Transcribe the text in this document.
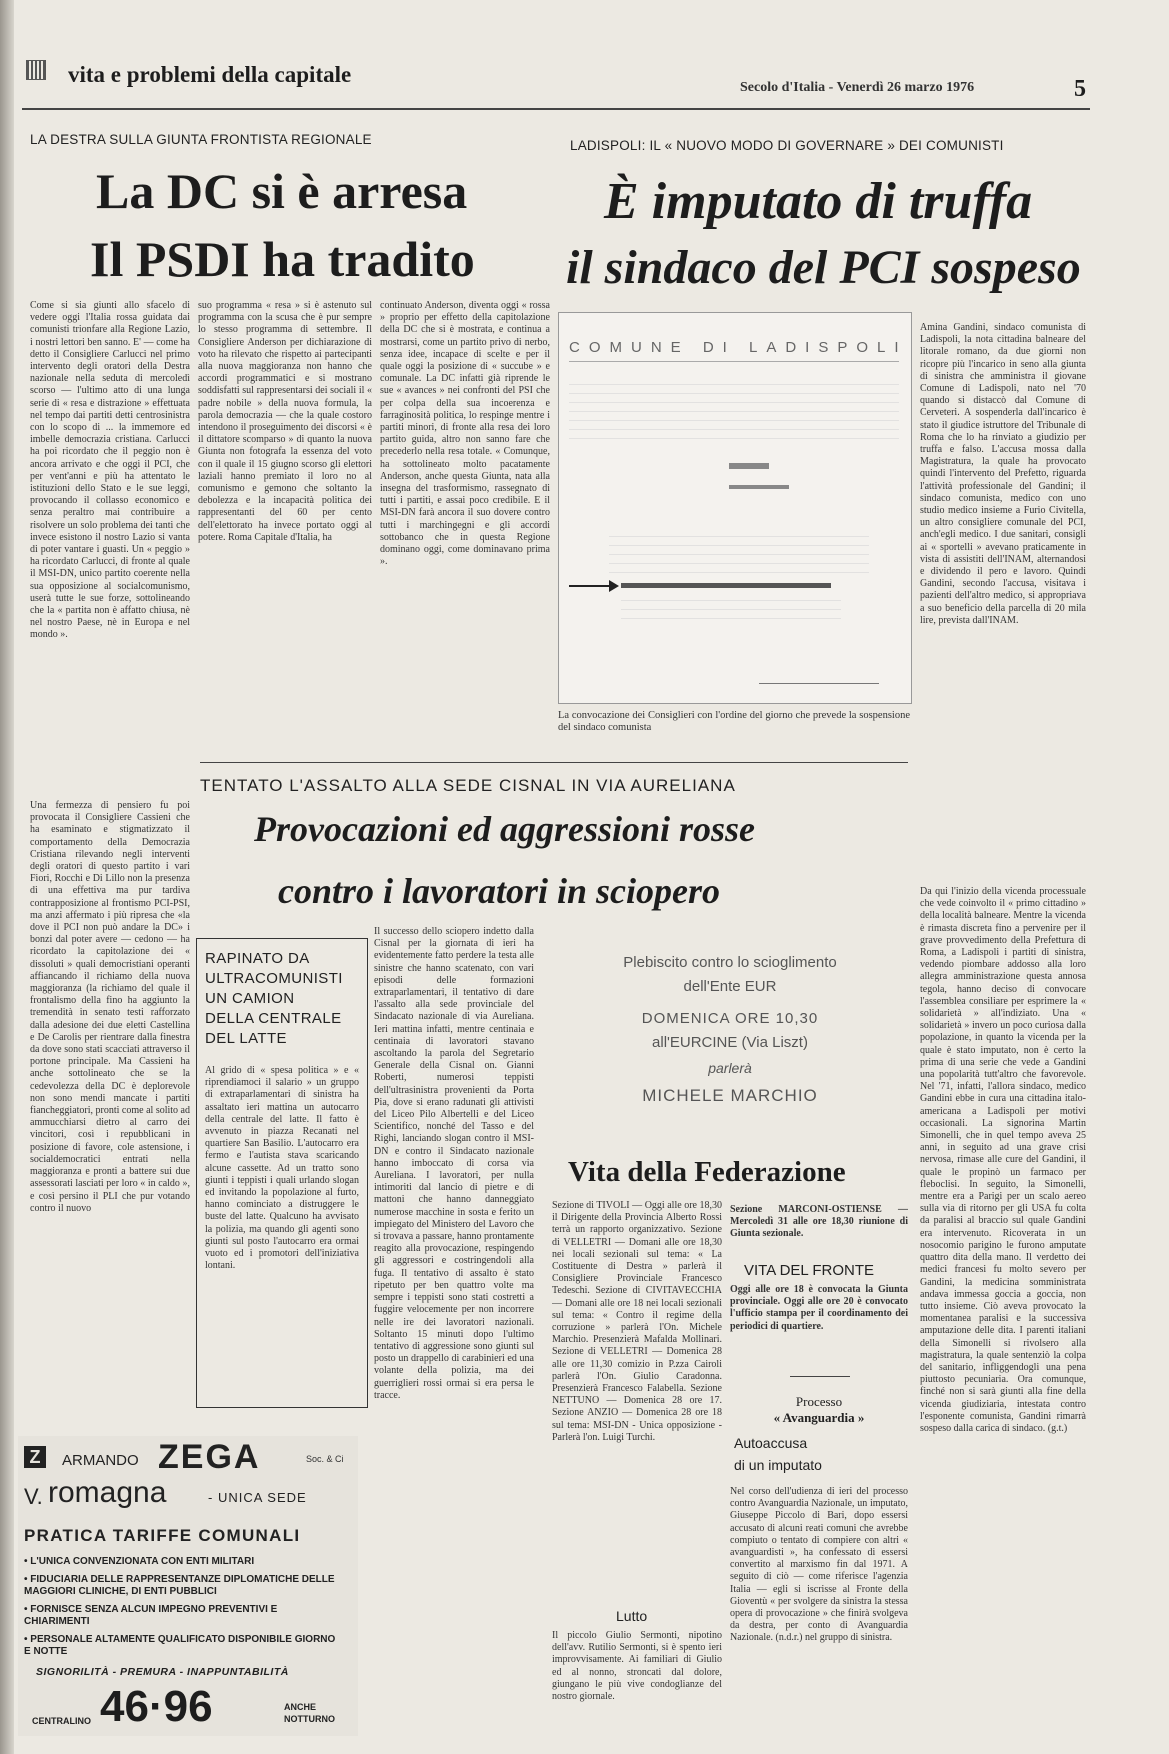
vita e problemi della capitale
Secolo d'Italia - Venerdì 26 marzo 1976	5
LA DESTRA SULLA GIUNTA FRONTISTA REGIONALE
La DC si è arresa
Il PSDI ha tradito
Come si sia giunti allo sfacelo di vedere oggi l'Italia rossa guidata dai comunisti trionfare alla Regione Lazio, i nostri lettori ben sanno. E' — come ha detto il Consigliere Carlucci nel primo intervento degli oratori della Destra nazionale nella seduta di mercoledì scorso — l'ultimo atto di una lunga serie di « resa e distrazione » effettuata nel tempo dai partiti detti centrosinistra con lo scopo di ... la immemore ed imbelle democrazia cristiana. Carlucci ha poi ricordato che il peggio non è ancora arrivato e che oggi il PCI, che per vent'anni e più ha attentato le istituzioni dello Stato e le sue leggi, provocando il collasso economico e senza peraltro mai contribuire a risolvere un solo problema dei tanti che invece esistono il nostro Lazio si vanta di poter vantare i guasti. Un « peggio » ha ricordato Carlucci, di fronte al quale il MSI-DN, unico partito coerente nella sua opposizione al socialcomunismo, userà tutte le sue forze, sottolineando che la « partita non è affatto chiusa, nè nel nostro Paese, nè in Europa e nel mondo ».
Una fermezza di pensiero fu poi provocata il Consigliere Cassieni che ha esaminato e stigmatizzato il comportamento della Democrazia Cristiana rilevando negli interventi degli oratori di questo partito i vari Fiori, Rocchi e Di Lillo non la presenza di una effettiva ma pur tardiva contrapposizione al frontismo PCI-PSI, ma anzi affermato i più ripresa che «la dove il PCI non può andare la DC» i bonzi dal poter avere — cedono — ha ricordato la capitolazione dei « dissoluti » quali democristiani operanti affiancando il richiamo della nuova maggioranza (la richiamo del quale il frontalismo della fino ha aggiunto la tremendità in senato testi rafforzato dalla adesione dei due eletti Castellina e De Carolis per rientrare dalla finestra da dove sono stati scacciati attraverso il portone principale. Ma Cassieni ha anche sottolineato che se la cedevolezza della DC è deplorevole non sono mendi mancate i partiti fiancheggiatori, pronti come al solito ad ammucchiarsi dietro al carro dei vincitori, così i repubblicani in posizione di favore, cole astensione, i socialdemocratici entrati nella maggioranza e pronti a battere sui due assessorati lasciati per loro « in caldo », e così persino il PLI che pur votando contro il nuovo
suo programma « resa » si è astenuto sul programma con la scusa che è pur sempre lo stesso programma di settembre. Il Consigliere Anderson per dichiarazione di voto ha rilevato che rispetto ai partecipanti alla nuova maggioranza non hanno che accordi programmatici e si mostrano soddisfatti sul rappresentarsi dei sociali il « padre nobile » della nuova formula, la parola democrazia — che la quale costoro intendono il proseguimento dei discorsi « è il dittatore scomparso » di quanto la nuova Giunta non fotografa la essenza del voto con il quale il 15 giugno scorso gli elettori laziali hanno premiato il loro no al comunismo e gemono che soltanto la debolezza e la incapacità politica dei rappresentanti del 60 per cento dell'elettorato ha invece portato oggi al potere. Roma Capitale d'Italia, ha
continuato Anderson, diventa oggi « rossa » proprio per effetto della capitolazione della DC che si è mostrata, e continua a mostrarsi, come un partito privo di nerbo, senza idee, incapace di scelte e per il quale oggi la posizione di « succube » e comunale. La DC infatti già riprende le sue « avances » nei confronti del PSI che per colpa della sua incoerenza e farraginosità politica, lo respinge mentre i partiti minori, di fronte alla resa dei loro partito guida, altro non sanno fare che precederlo nella resa totale. « Comunque, ha sottolineato molto pacatamente Anderson, anche questa Giunta, nata alla insegna del trasformismo, rassegnato di tutti i partiti, e assai poco credibile. E il MSI-DN farà ancora il suo dovere contro tutti i marchingegni e gli accordi sottobanco che in questa Regione dominano oggi, come dominavano prima ».
LADISPOLI: IL « NUOVO MODO DI GOVERNARE » DEI COMUNISTI
È imputato di truffa
il sindaco del PCI sospeso
COMUNE DI LADISPOLI
La convocazione dei Consiglieri con l'ordine del giorno che prevede la sospensione del sindaco comunista
Amina Gandini, sindaco comunista di Ladispoli, la nota cittadina balneare del litorale romano, da due giorni non ricopre più l'incarico in seno alla giunta di sinistra che amministra il giovane Comune di Ladispoli, nato nel '70 quando si distaccò dal Comune di Cerveteri. A sospenderla dall'incarico è stato il giudice istruttore del Tribunale di Roma che lo ha rinviato a giudizio per truffa e falso. L'accusa mossa dalla Magistratura, la quale ha provocato quindi l'intervento del Prefetto, riguarda l'attività professionale del Gandini; il sindaco comunista, medico con uno studio medico insieme a Furio Civitella, un altro consigliere comunale del PCI, anch'egli medico. I due sanitari, consigli ai « sportelli » avevano praticamente in vista di assistiti dell'INAM, alternandosi e dividendo il pero e lavoro. Quindi Gandini, secondo l'accusa, visitava i pazienti dell'altro medico, si appropriava a suo beneficio della parcella di 20 mila lire, prevista dall'INAM.
Da qui l'inizio della vicenda processuale che vede coinvolto il « primo cittadino » della località balneare. Mentre la vicenda è rimasta discreta fino a pervenire per il grave provvedimento della Prefettura di Roma, a Ladispoli i partiti di sinistra, vedendo piombare addosso alla loro allegra amministrazione questa annosa tegola, hanno deciso di convocare l'assemblea consiliare per esprimere la « solidarietà » all'indiziato. Una « solidarietà » invero un poco curiosa dalla popolazione, in quanto la vicenda per la quale è stato imputato, non è certo la prima di una serie che vede a Gandini una popolarità tutt'altro che favorevole. Nel '71, infatti, l'allora sindaco, medico Gandini ebbe in cura una cittadina italo-americana a Ladispoli per motivi occasionali. La signorina Martin Simonelli, che in quel tempo aveva 25 anni, in seguito ad una grave crisi nervosa, rimase alle cure del Gandini, il quale le propinò un farmaco per fleboclisi. In seguito, la Simonelli, mentre era a Parigi per un scalo aereo sulla via di ritorno per gli USA fu colta da paralisi al braccio sul quale Gandini era intervenuto. Ricoverata in un nosocomio parigino le furono amputate quattro dita della mano. Il verdetto dei medici francesi fu molto severo per Gandini, la medicina somministrata andava immessa goccia a goccia, non tutto insieme. Ciò aveva provocato la momentanea paralisi e la successiva amputazione delle dita. I parenti italiani della Simonelli si rivolsero alla magistratura, la quale sentenziò la colpa del sanitario, infliggendogli una pena piuttosto pecuniaria. Ora comunque, finché non si sarà giunti alla fine della vicenda giudiziaria, intestata contro l'esponente comunista, Gandini rimarrà sospeso dalla carica di sindaco. (g.t.)
TENTATO L'ASSALTO ALLA SEDE CISNAL IN VIA AURELIANA
Provocazioni ed aggressioni rosse
contro i lavoratori in sciopero
RAPINATO DA
ULTRACOMUNISTI
UN CAMION
DELLA CENTRALE
DEL LATTE
Al grido di « spesa politica » e « riprendiamoci il salario » un gruppo di extraparlamentari di sinistra ha assaltato ieri mattina un autocarro della centrale del latte. Il fatto è avvenuto in piazza Recanati nel quartiere San Basilio. L'autocarro era fermo e l'autista stava scaricando alcune cassette. Ad un tratto sono giunti i teppisti i quali urlando slogan ed invitando la popolazione al furto, hanno cominciato a distruggere le buste del latte. Qualcuno ha avvisato la polizia, ma quando gli agenti sono giunti sul posto l'autocarro era ormai vuoto ed i promotori dell'iniziativa lontani.
Il successo dello sciopero indetto dalla Cisnal per la giornata di ieri ha evidentemente fatto perdere la testa alle sinistre che hanno scatenato, con vari episodi delle formazioni extraparlamentari, il tentativo di dare l'assalto alla sede provinciale del Sindacato nazionale di via Aureliana. Ieri mattina infatti, mentre centinaia e centinaia di lavoratori stavano ascoltando la parola del Segretario Generale della Cisnal on. Gianni Roberti, numerosi teppisti dell'ultrasinistra provenienti da Porta Pia, dove si erano radunati gli attivisti del Liceo Pilo Albertelli e del Liceo Scientifico, nonché del Tasso e del Righi, lanciando slogan contro il MSI-DN e contro il Sindacato nazionale hanno imboccato di corsa via Aureliana. I lavoratori, per nulla intimoriti dal lancio di pietre e di mattoni che hanno danneggiato numerose macchine in sosta e ferito un impiegato del Ministero del Lavoro che si trovava a passare, hanno prontamente reagito alla provocazione, respingendo gli aggressori e costringendoli alla fuga. Il tentativo di assalto è stato ripetuto per ben quattro volte ma sempre i teppisti sono stati costretti a fuggire velocemente per non incorrere nelle ire dei lavoratori nazionali. Soltanto 15 minuti dopo l'ultimo tentativo di aggressione sono giunti sul posto un drappello di carabinieri ed una volante della polizia, ma dei guerriglieri rossi ormai si era persa le tracce.
Plebiscito contro lo scioglimento
dell'Ente EUR
DOMENICA ORE 10,30
all'EURCINE (Via Liszt)
parlerà
MICHELE MARCHIO
Vita della Federazione
Sezione di TIVOLI — Oggi alle ore 18,30 il Dirigente della Provincia Alberto Rossi terrà un rapporto organizzativo. Sezione di VELLETRI — Domani alle ore 18,30 nei locali sezionali sul tema: « La Costituente di Destra » parlerà il Consigliere Provinciale Francesco Tedeschi. Sezione di CIVITAVECCHIA — Domani alle ore 18 nei locali sezionali sul tema: « Contro il regime della corruzione » parlerà l'On. Michele Marchio. Presenzierà Mafalda Mollinari. Sezione di VELLETRI — Domenica 28 alle ore 11,30 comizio in P.zza Cairoli parlerà l'On. Giulio Caradonna. Presenzierà Francesco Falabella. Sezione NETTUNO — Domenica 28 ore 17. Sezione ANZIO — Domenica 28 ore 18 sul tema: MSI-DN - Unica opposizione - Parlerà l'on. Luigi Turchi.
Sezione MARCONI-OSTIENSE — Mercoledì 31 alle ore 18,30 riunione di Giunta sezionale.
VITA DEL FRONTE
Oggi alle ore 18 è convocata la Giunta provinciale. Oggi alle ore 20 è convocato l'ufficio stampa per il coordinamento dei periodici di quartiere.
Processo
« Avanguardia »
Autoaccusa
di un imputato
Nel corso dell'udienza di ieri del processo contro Avanguardia Nazionale, un imputato, Giuseppe Piccolo di Bari, dopo essersi accusato di alcuni reati comuni che avrebbe compiuto o tentato di compiere con altri « avanguardisti », ha confessato di essersi convertito al marxismo fin dal 1971. A seguito di ciò — come riferisce l'agenzia Italia — egli si iscrisse al Fronte della Gioventù « per svolgere da sinistra la stessa opera di provocazione » che finirà svolgeva da destra, per conto di Avanguardia Nazionale. (n.d.r.) nel gruppo di sinistra.
Lutto
Il piccolo Giulio Sermonti, nipotino dell'avv. Rutilio Sermonti, si è spento ieri improvvisamente. Ai familiari di Giulio ed al nonno, stroncati dal dolore, giungano le più vive condoglianze del nostro giornale.
Z	ARMANDO ZEGA	Soc. & Ci
V. romagna	- UNICA SEDE
PRATICA TARIFFE COMUNALI
• L'UNICA CONVENZIONATA CON ENTI MILITARI
• FIDUCIARIA DELLE RAPPRESENTANZE DIPLOMATICHE DELLE MAGGIORI CLINICHE, DI ENTI PUBBLICI
• FORNISCE SENZA ALCUN IMPEGNO PREVENTIVI E CHIARIMENTI
• PERSONALE ALTAMENTE QUALIFICATO DISPONIBILE GIORNO E NOTTE
SIGNORILITÀ - PREMURA - INAPPUNTABILITÀ
CENTRALINO 46·96	ANCHE
NOTTURNO
